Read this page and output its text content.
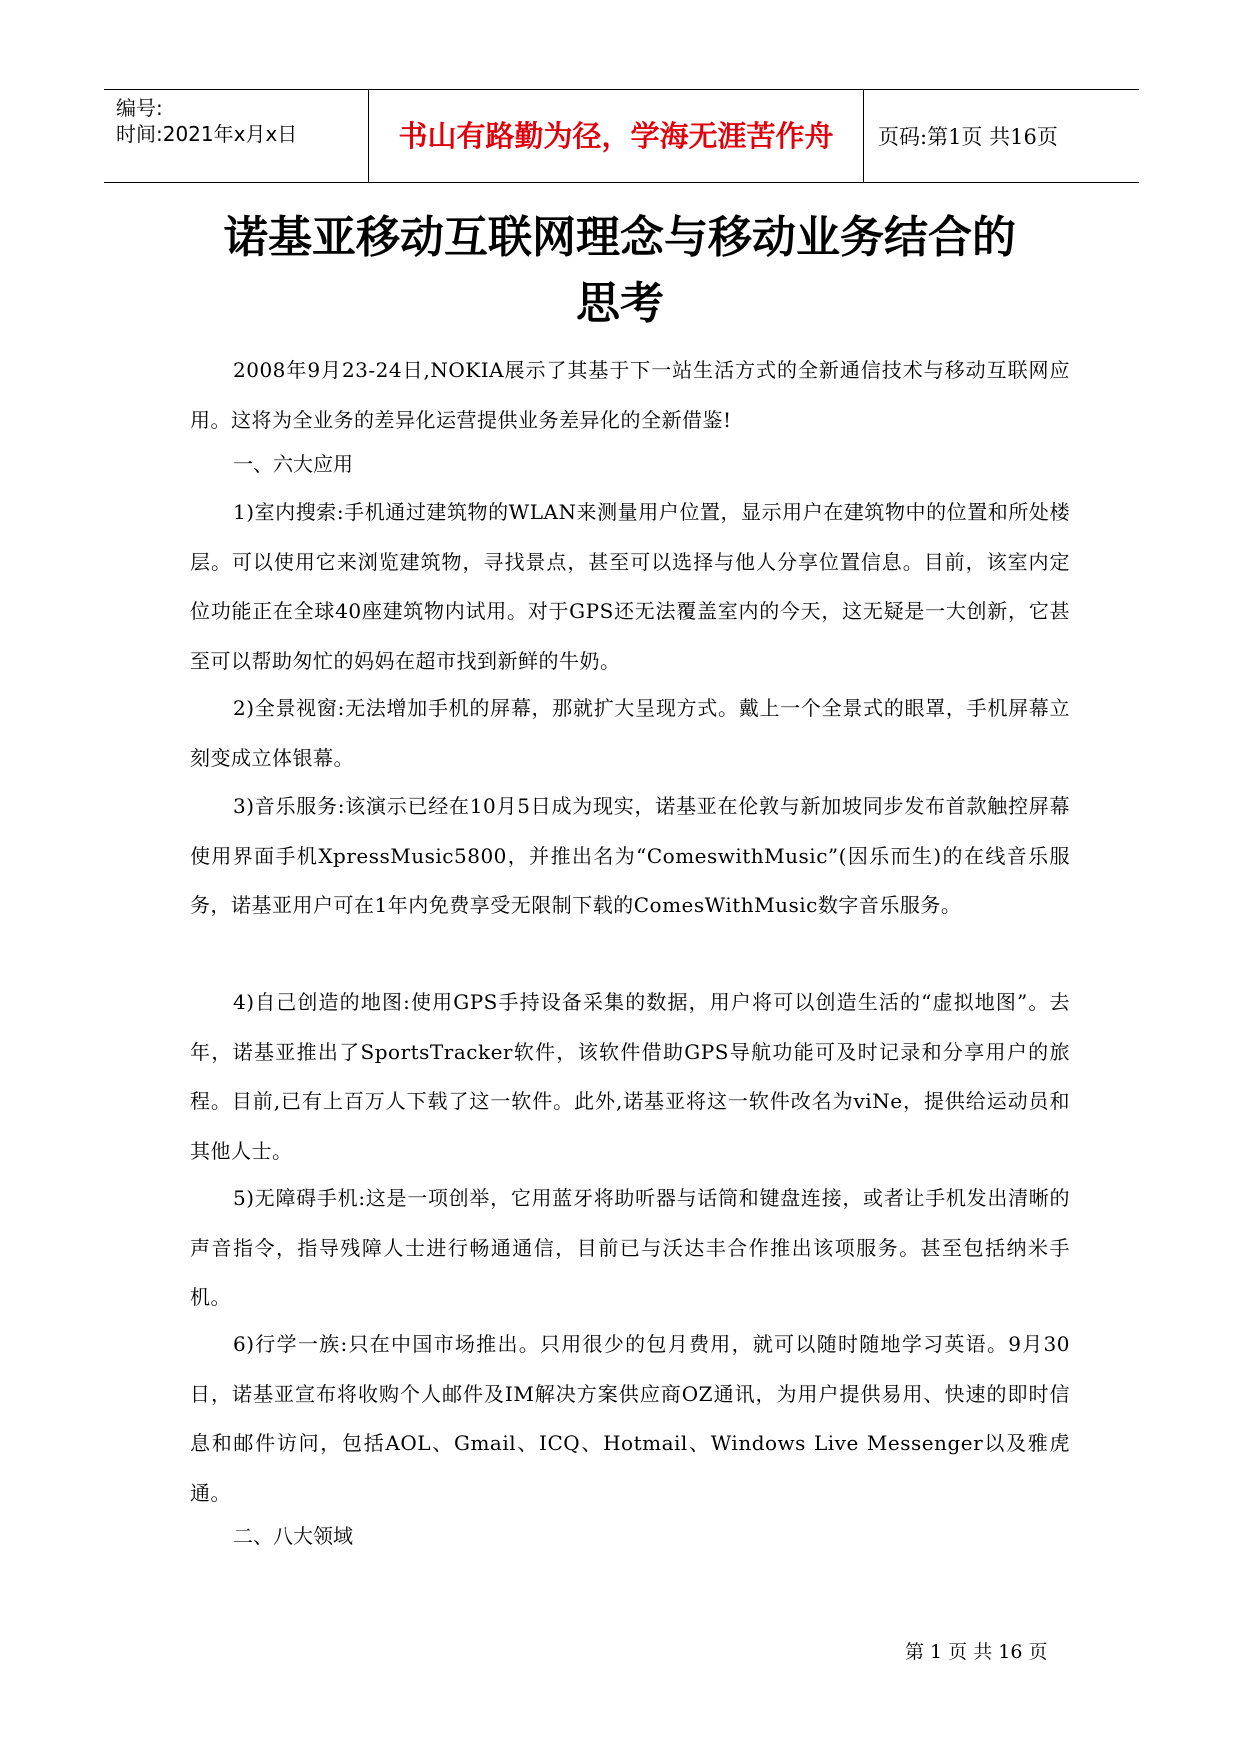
编号:
时间:2021年x月x日	书山有路勤为径，学海无涯苦作舟	页码:第1页 共16页
诺基亚移动互联网理念与移动业务结合的
思考
2008年9月23-24日,NOKIA展示了其基于下一站生活方式的全新通信技术与移动互联网应用。这将为全业务的差异化运营提供业务差异化的全新借鉴!
一、六大应用
1)室内搜索:手机通过建筑物的WLAN来测量用户位置，显示用户在建筑物中的位置和所处楼层。可以使用它来浏览建筑物，寻找景点，甚至可以选择与他人分享位置信息。目前，该室内定位功能正在全球40座建筑物内试用。对于GPS还无法覆盖室内的今天，这无疑是一大创新，它甚至可以帮助匆忙的妈妈在超市找到新鲜的牛奶。
2)全景视窗:无法增加手机的屏幕，那就扩大呈现方式。戴上一个全景式的眼罩，手机屏幕立刻变成立体银幕。
3)音乐服务:该演示已经在10月5日成为现实，诺基亚在伦敦与新加坡同步发布首款触控屏幕使用界面手机XpressMusic5800，并推出名为“ComeswithMusic”(因乐而生)的在线音乐服务，诺基亚用户可在1年内免费享受无限制下载的ComesWithMusic数字音乐服务。
4)自己创造的地图:使用GPS手持设备采集的数据，用户将可以创造生活的“虚拟地图”。去年，诺基亚推出了SportsTracker软件，该软件借助GPS导航功能可及时记录和分享用户的旅程。目前,已有上百万人下载了这一软件。此外,诺基亚将这一软件改名为viNe，提供给运动员和其他人士。
5)无障碍手机:这是一项创举，它用蓝牙将助听器与话筒和键盘连接，或者让手机发出清晰的声音指令，指导残障人士进行畅通通信，目前已与沃达丰合作推出该项服务。甚至包括纳米手机。
6)行学一族:只在中国市场推出。只用很少的包月费用，就可以随时随地学习英语。9月30日，诺基亚宣布将收购个人邮件及IM解决方案供应商OZ通讯，为用户提供易用、快速的即时信息和邮件访问，包括AOL、Gmail、ICQ、Hotmail、Windows Live Messenger以及雅虎通。
二、八大领域
第 1 页 共 16 页
